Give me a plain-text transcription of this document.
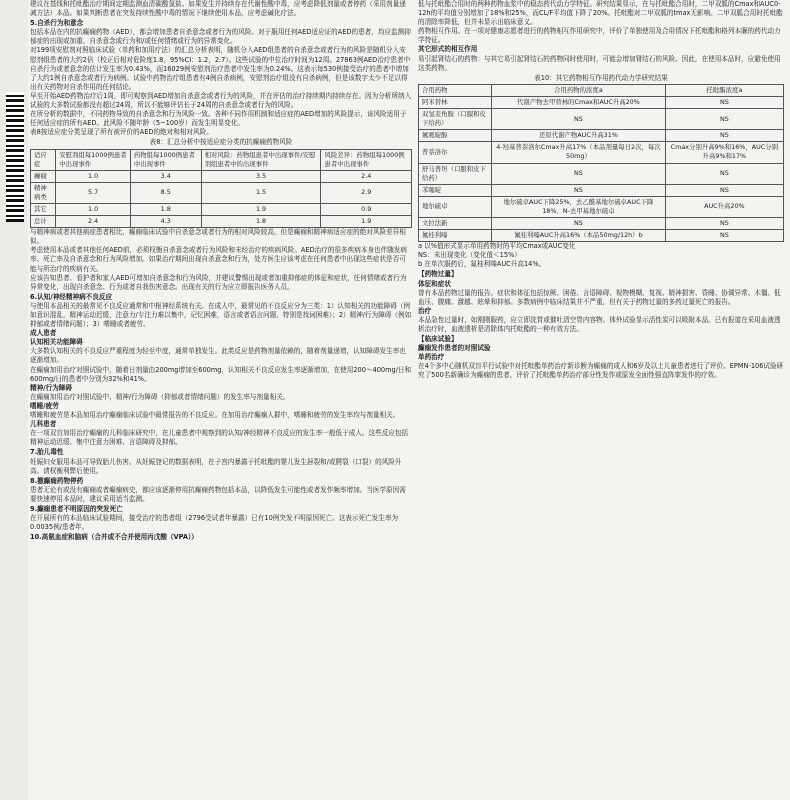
建议在基线和托吡酯治疗期间定期监测血清碳酸氢盐。如果发生并持续存在代谢性酸中毒，应考虑降低剂量或者停药（采用剂量递减方法）本品。如果判断患者在突发持续性酸中毒的情况下继续使用本品，应考虑碱化疗法。

5.自杀行为和意念

包括本品在内的抗癫痫药物（AED），都会增加患者自杀意念或者行为的风险。对于服用任何AED适应证的AED的患者，均应监测抑郁症的出现或加重、自杀意念或行为和/或任何情绪或行为的异常变化。

对199项安慰剂对照临床试验（单药和加用疗法）的汇总分析表明，随机分入AED组患者的自杀意念或者行为的风险是随机分入安慰剂组患者的大约2倍（校正后相对危险度1.8，95%CI：1.2，2.7）。这些试验的中位治疗时间为12周。27863例AED治疗患者中自杀行为或者意念的估计发生率为0.43%，而16029例安慰剂治疗患者中发生率为0.24%。这表示每530例接受治疗的患者中增加了大约1例自杀意念或者行为病例。试验中药物治疗组患者有4例自杀病例，安慰剂治疗组没有自杀病例，但是该数字太少不足以得出有关药物对自杀作用的任何结论。

早至开始AED药物治疗后1周，即可观察到AED增加自杀意念或者行为的风险，并在评估的治疗持续期内持续存在。因为分析所纳入试验的大多数试验都没有超过24周，所以不能够评估长于24周的自杀意念或者行为的风险。

在所分析的数据中，不同药物导致的自杀意念和行为风险一致。各种不同作用机制和适应症的AED增加的风险提示，该风险适用于任何适应症的所有AED。此风险不随年龄（5~100岁）而发生明显变化。

表8按适应症分类呈现了所有被评价的AED的绝对和相对风险。

表8：汇总分析中按适应症分类的抗癫痫药物风险

适应症	安慰剂组每1000例患者中出现事件	药物组每1000例患者中出现事件	相对风险：药物组患者中出现事件/安慰剂组患者中的出现事件	风险差异：药物组每1000例患者中出现事件
癫痫	1.0	3.4	3.5	2.4
精神病类	5.7	8.5	1.5	2.9
其它	1.0	1.8	1.9	0.9
总计	2.4	4.3	1.8	1.9

与精神病或者其他病症患者相比，癫痫临床试验中自杀意念或者行为的相对风险较高，但是癫痫和精神病适应症的绝对风险差异相似。

考虑使用本品或者其他任何AED前，必须权衡自杀意念或者行为风险和未经治疗的疾病风险。AED治疗的很多疾病本身也伴随发病率、死亡率及自杀意念和行为风险增加。如果治疗期间出现自杀意念和行为，处方医生应该考虑在任何患者中出现这些症状是否可能与所治疗的疾病有关。

应该告知患者、看护者和家人AED可增加自杀意念和行为风险，并建议警惕出现或者加重抑郁症的体征和症状，任何情绪或者行为异常变化，出现自杀意念、行为或者自我伤害意念。出现有关的行为应立即报告医务人员。

6.认知/神经精神病不良反应

与使用本品相关的最常见不良反应通常和中枢神经系统有关。在成人中，最常见的不良反应分为三类：1）认知相关的功能障碍（例如意识混乱，精神运动迟缓，注意力/专注力难以集中，记忆困难，语言或者语言问题，特别是找词困难）；2）精神/行为障碍（例如抑郁或者情绪问题）；3）嗜睡或者疲劳。

成人患者

认知相关功能障碍

大多数认知相关的不良反应严重程度为轻至中度，通常单独发生。此类反应是药物剂量依赖的，随着剂量递增，认知障碍发生率也逐渐增加。

在癫痫加用治疗对照试验中，随着日剂量由200mg增加至600mg，认知相关不良反应发生率逐渐增加，在使用200～400mg/日和600mg/日的患者中分别为32%和41%。

精神/行为障碍

在癫痫加用治疗对照试验中，精神/行为障碍（抑郁或者情绪问题）的发生率与剂量相关。

嗜睡/疲劳

嗜睡和疲劳是本品加用治疗癫痫临床试验中最常报告的不良反应。在加用治疗癫痫人群中，嗜睡和疲劳的发生率均与剂量相关。

儿科患者

在一项双盲加用治疗癫痫的儿科临床研究中，在儿童患者中观察到的认知/神经精神不良反应的发生率一般低于成人。这些反应包括精神运动迟缓、集中注意力困难、言语障碍及抑郁。

7.胎儿毒性

妊娠妇女服用本品可导致胎儿伤害。从妊娠登记的数据表明，在子宫内暴露于托吡酯的婴儿发生唇裂和/或腭裂（口裂）的风险升高。请权衡利弊后使用。

8.撤癫痫药物停药

患者无论有或没有癫痫或者癫痫病史，都应该逐渐停用抗癫痫药物包括本品，以降低发生可能性或者发作频率增加。当医学原因需要快速停用本品时，建议采用适当监测。

9.癫痫患者不明原因的突发死亡

在开展所有的本品临床试验期间，接受治疗的患者组（2796受试者年暴露）已有10例突发不明原因死亡。这表示死亡发生率为0.0035例/患者年。

10.高氨血症和脑病（合并或不合并使用丙戊酸（VPA））

低与托吡酯合用时的两种药物血浆中的稳态药代动力学特征。研究结果显示，在与托吡酯合用时，二甲双胍的Cmax和AUC0-12h的平均值分别增加了18%和25%，而CL/F平均值下降了20%。托吡酯对二甲双胍的tmax无影响。二甲双胍合用时托吡酯的清除率降低，但并未显示出临床意义。

药物相互作用。在一项对健康志愿者进行的药物相互作用研究中，评价了单独使用及合用情况下托吡酯和格列本脲的药代动力学特征。

其它形式的相互作用

易引起肾结石的药物：与其它易引起肾结石的药物同时使用时，可能会增加肾结石的风险。因此，在使用本品时，应避免使用这类药物。

表10：其它药物相互作用药代动力学研究结果

合用药物	合用药物的浓度a	托吡酯浓度a
阿米替林	代谢产物去甲替林的Cmax和AUC升高20%	NS
双氢麦角胺（口服和皮下给药）	NS	NS
氟哌啶醇	还原代谢产物AUC升高31%	NS
普萘洛尔	4-羟基普萘洛尔Cmax升高17%（本品剂量每日2次，每次50mg）	Cmax分别升高9%和16%，AUC分别升高9%和17%
舒马普坦（口服和皮下给药）	NS	NS
苯噻啶	NS	NS
地尔硫卓	地尔硫卓AUC下降25%，去乙酰基地尔硫卓AUC下降18%，N-去甲基地尔硫卓	AUC升高20%
文拉法新	NS	NS
氟桂利嗪	氟桂利嗪AUC升高16%（本品50mg/12h）b	NS

a 以%值形式显示单用药物时的平均Cmax或AUC变化

NS：未出现变化（变化值＜15%）

b 在单次服药后，氟桂利嗪AUC升高14%。

【药物过量】

体征和症状

曾有本品药物过量的报告。症状和体征包括惊厥、困倦、言语障碍、视物模糊、复视、精神损害、昏睡、协调异常、木僵、低血压、腹痛、激越、眩晕和抑郁。多数病例中临床结果并不严重，但有关于药物过量的多药过量死亡的报告。

治疗

本品急性过量时，如刚刚服药，应立即洗胃或催吐清空胃内容物。体外试验显示活性炭可以吸附本品。已有报道在采用血液透析治疗时，血液透析是清除体内托吡酯的一种有效方法。

【临床试验】

癫痫发作患者的对照试验

单药治疗

在4个多中心随机双盲平行试验中对托吡酯单药治疗新诊断为癫痫的成人和6岁及以上儿童患者进行了评价。EPMN-106试验研究了500名新确诊为癫痫的患者，评价了托吡酯单药治疗部分性发作或原发全面性强直阵挛发作的疗效。
